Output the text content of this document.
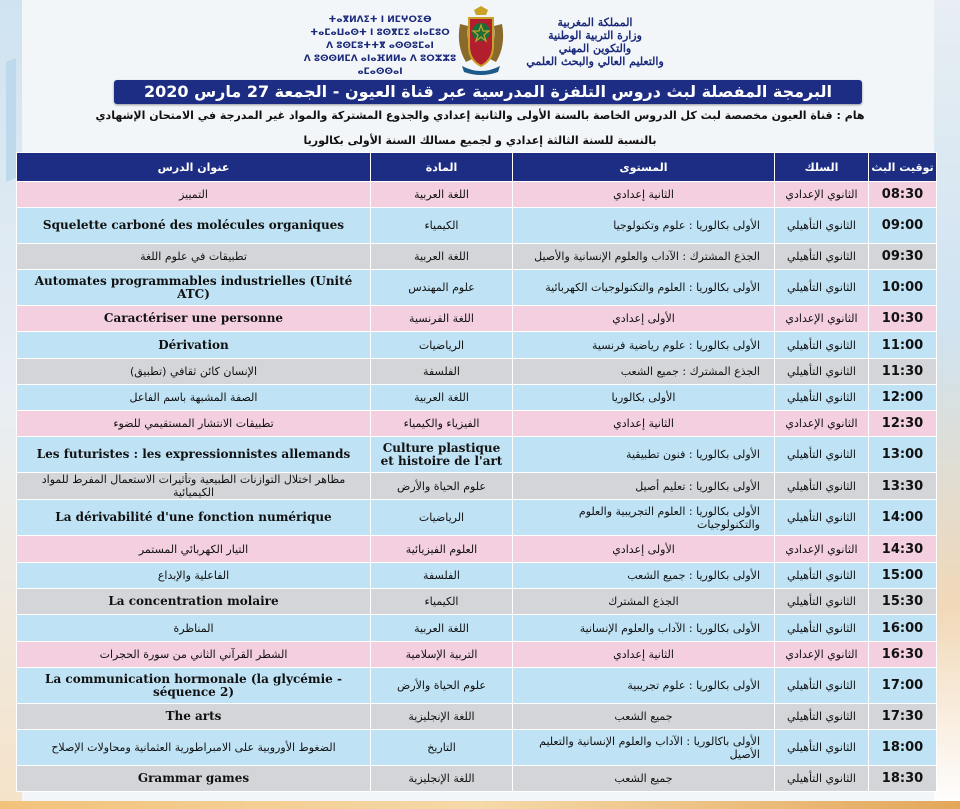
ⵜⴰⴳⵍⴷⵉⵜ ⵏ ⵍⵎⵖⵔⵉⴱ
ⵜⴰⵎⴰⵡⴰⵙⵜ ⵏ ⵓⵙⴳⵎⵉ ⴰⵏⴰⵎⵓⵔ
ⴷ ⵓⵙⵎⵓⵜⵜⴳ ⴰⵙⵙⵓⵎⴰⵏ
ⴷ ⵓⵙⵙⵍⵎⴷ ⴰⵏⴰⴼⵍⵍⴰ ⴷ ⵓⵔⵣⵣⵓ ⴰⵎⴰⵙⵙⴰⵏ
المملكة المغربية
وزارة التربية الوطنية
والتكوين المهني
والتعليم العالي والبحث العلمي
البرمجة المفصلة لبث دروس التلفزة المدرسية عبر قناة العيون - الجمعة 27 مارس 2020
هام : قناة العيون مخصصة لبث كل الدروس الخاصة بالسنة الأولى والثانية إعدادي والجذوع المشتركة والمواد غير المدرجة في الامتحان الإشهادي
بالنسبة للسنة الثالثة إعدادي و لجميع مسالك السنة الأولى بكالوريا
توقيت البث	السلك	المستوى	المادة	عنوان الدرس
08:30	الثانوي الإعدادي	الثانية إعدادي	اللغة العربية	التمييز
09:00	الثانوي التأهيلي	الأولى بكالوريا : علوم وتكنولوجيا	الكيمياء	Squelette carboné des molécules organiques
09:30	الثانوي التأهيلي	الجذع المشترك : الآداب والعلوم الإنسانية والأصيل	اللغة العربية	تطبيقات في علوم اللغة
10:00	الثانوي التأهيلي	الأولى بكالوريا : العلوم والتكنولوجيات الكهربائية	علوم المهندس	Automates programmables industrielles (Unité ATC)
10:30	الثانوي الإعدادي	الأولى إعدادي	اللغة الفرنسية	Caractériser une personne
11:00	الثانوي التأهيلي	الأولى بكالوريا : علوم رياضية فرنسية	الرياضيات	Dérivation
11:30	الثانوي التأهيلي	الجذع المشترك : جميع الشعب	الفلسفة	الإنسان كائن ثقافي (تطبيق)
12:00	الثانوي التأهيلي	الأولى بكالوريا	اللغة العربية	الصفة المشبهة باسم الفاعل
12:30	الثانوي الإعدادي	الثانية إعدادي	الفيزياء والكيمياء	تطبيقات الانتشار المستقيمي للضوء
13:00	الثانوي التأهيلي	الأولى بكالوريا : فنون تطبيقية	Culture plastique et histoire de l'art	Les futuristes : les expressionnistes allemands
13:30	الثانوي التأهيلي	الأولى بكالوريا : تعليم أصيل	علوم الحياة والأرض	مظاهر اختلال التوازنات الطبيعية وتأثيرات الاستعمال المفرط للمواد الكيميائية
14:00	الثانوي التأهيلي	الأولى بكالوريا : العلوم التجريبية والعلوم والتكنولوجيات	الرياضيات	La dérivabilité d'une fonction numérique
14:30	الثانوي الإعدادي	الأولى إعدادي	العلوم الفيزيائية	التيار الكهربائي المستمر
15:00	الثانوي التأهيلي	الأولى بكالوريا : جميع الشعب	الفلسفة	الفاعلية والإبداع
15:30	الثانوي التأهيلي	الجذع المشترك	الكيمياء	La concentration molaire
16:00	الثانوي التأهيلي	الأولى بكالوريا : الآداب والعلوم الإنسانية	اللغة العربية	المناظرة
16:30	الثانوي الإعدادي	الثانية إعدادي	التربية الإسلامية	الشطر القرآني الثاني من سورة الحجرات
17:00	الثانوي التأهيلي	الأولى بكالوريا : علوم تجريبية	علوم الحياة والأرض	La communication hormonale (la glycémie - séquence 2)
17:30	الثانوي التأهيلي	جميع الشعب	اللغة الإنجليزية	The arts
18:00	الثانوي التأهيلي	الأولى باكالوريا : الآداب والعلوم الإنسانية والتعليم الأصيل	التاريخ	الضغوط الأوروبية على الامبراطورية العثمانية ومحاولات الإصلاح
18:30	الثانوي التأهيلي	جميع الشعب	اللغة الإنجليزية	Grammar games
